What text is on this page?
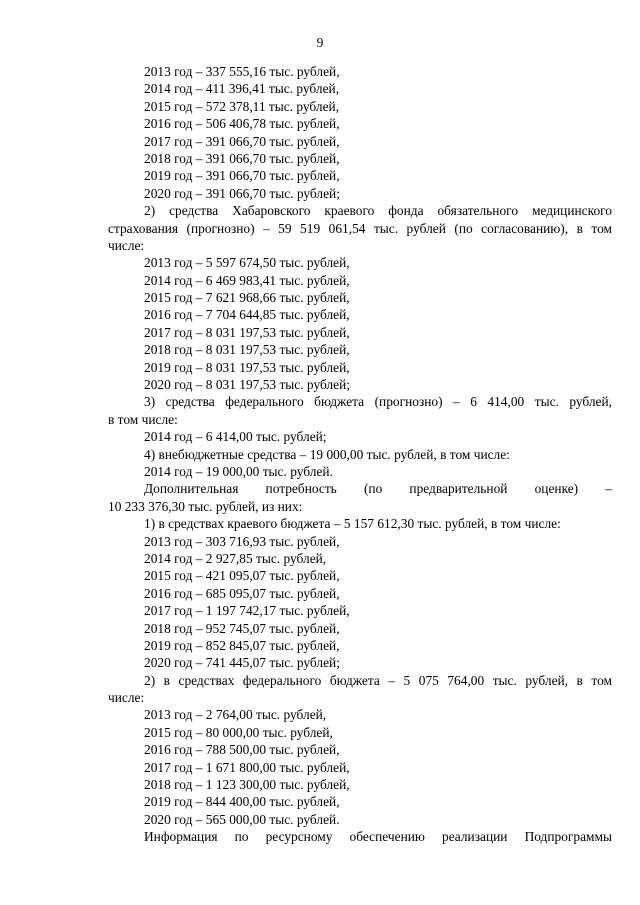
9
2013 год – 337 555,16 тыс. рублей,
2014 год – 411 396,41 тыс. рублей,
2015 год – 572 378,11 тыс. рублей,
2016 год – 506 406,78 тыс. рублей,
2017 год – 391 066,70 тыс. рублей,
2018 год – 391 066,70 тыс. рублей,
2019 год – 391 066,70 тыс. рублей,
2020 год – 391 066,70 тыс. рублей;
2) средства Хабаровского краевого фонда обязательного медицинского
страхования (прогнозно) – 59 519 061,54 тыс. рублей (по согласованию), в том
числе:
2013 год – 5 597 674,50 тыс. рублей,
2014 год – 6 469 983,41 тыс. рублей,
2015 год – 7 621 968,66 тыс. рублей,
2016 год – 7 704 644,85 тыс. рублей,
2017 год – 8 031 197,53 тыс. рублей,
2018 год – 8 031 197,53 тыс. рублей,
2019 год – 8 031 197,53 тыс. рублей,
2020 год – 8 031 197,53 тыс. рублей;
3) средства федерального бюджета (прогнозно) – 6 414,00 тыс. рублей,
в том числе:
2014 год – 6 414,00 тыс. рублей;
4) внебюджетные средства – 19 000,00 тыс. рублей, в том числе:
2014 год – 19 000,00 тыс. рублей.
Дополнительная потребность (по предварительной оценке) –
10 233 376,30 тыс. рублей, из них:
1) в средствах краевого бюджета – 5 157 612,30 тыс. рублей, в том числе:
2013 год – 303 716,93 тыс. рублей,
2014 год – 2 927,85 тыс. рублей,
2015 год – 421 095,07 тыс. рублей,
2016 год – 685 095,07 тыс. рублей,
2017 год – 1 197 742,17 тыс. рублей,
2018 год – 952 745,07 тыс. рублей,
2019 год – 852 845,07 тыс. рублей,
2020 год – 741 445,07 тыс. рублей;
2) в средствах федерального бюджета – 5 075 764,00 тыс. рублей, в том
числе:
2013 год – 2 764,00 тыс. рублей,
2015 год – 80 000,00 тыс. рублей,
2016 год – 788 500,00 тыс. рублей,
2017 год – 1 671 800,00 тыс. рублей,
2018 год – 1 123 300,00 тыс. рублей,
2019 год – 844 400,00 тыс. рублей,
2020 год – 565 000,00 тыс. рублей.
Информация по ресурсному обеспечению реализации Подпрограммы
